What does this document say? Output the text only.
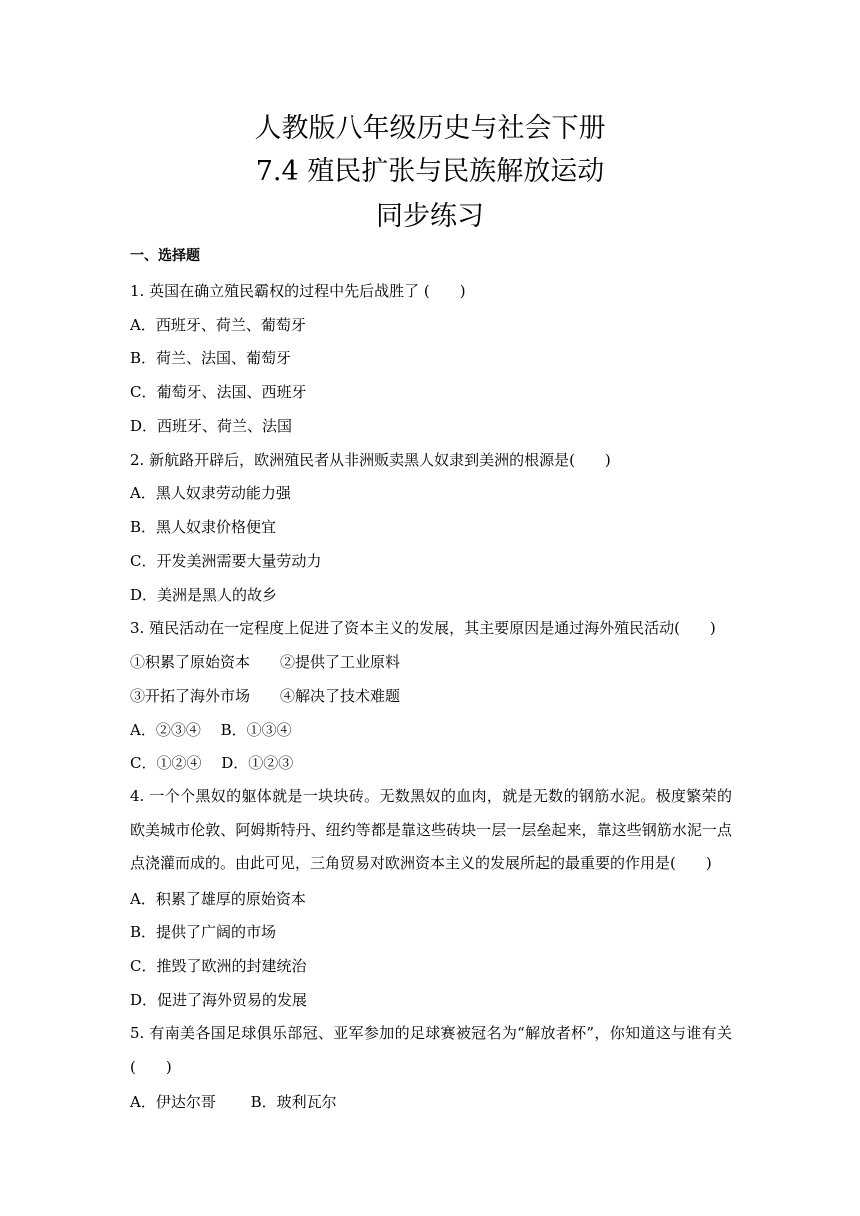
人教版八年级历史与社会下册
7.4 殖民扩张与民族解放运动
同步练习
一、选择题
1. 英国在确立殖民霸权的过程中先后战胜了 (　　)
A．西班牙、荷兰、葡萄牙
B．荷兰、法国、葡萄牙
C．葡萄牙、法国、西班牙
D．西班牙、荷兰、法国
2. 新航路开辟后，欧洲殖民者从非洲贩卖黑人奴隶到美洲的根源是(　　)
A．黑人奴隶劳动能力强
B．黑人奴隶价格便宜
C．开发美洲需要大量劳动力
D．美洲是黑人的故乡
3. 殖民活动在一定程度上促进了资本主义的发展，其主要原因是通过海外殖民活动(　　)
①积累了原始资本　　②提供了工业原料
③开拓了海外市场　　④解决了技术难题
A．②③④　 B．①③④
C．①②④　 D．①②③
4. 一个个黑奴的躯体就是一块块砖。无数黑奴的血肉，就是无数的钢筋水泥。极度繁荣的欧美城市伦敦、阿姆斯特丹、纽约等都是靠这些砖块一层一层垒起来，靠这些钢筋水泥一点点浇灌而成的。由此可见，三角贸易对欧洲资本主义的发展所起的最重要的作用是(　　)
A．积累了雄厚的原始资本
B．提供了广阔的市场
C．推毁了欧洲的封建统治
D．促进了海外贸易的发展
5. 有南美各国足球俱乐部冠、亚军参加的足球赛被冠名为“解放者杯”，你知道这与谁有关(　　)
A．伊达尔哥　　 B．玻利瓦尔
